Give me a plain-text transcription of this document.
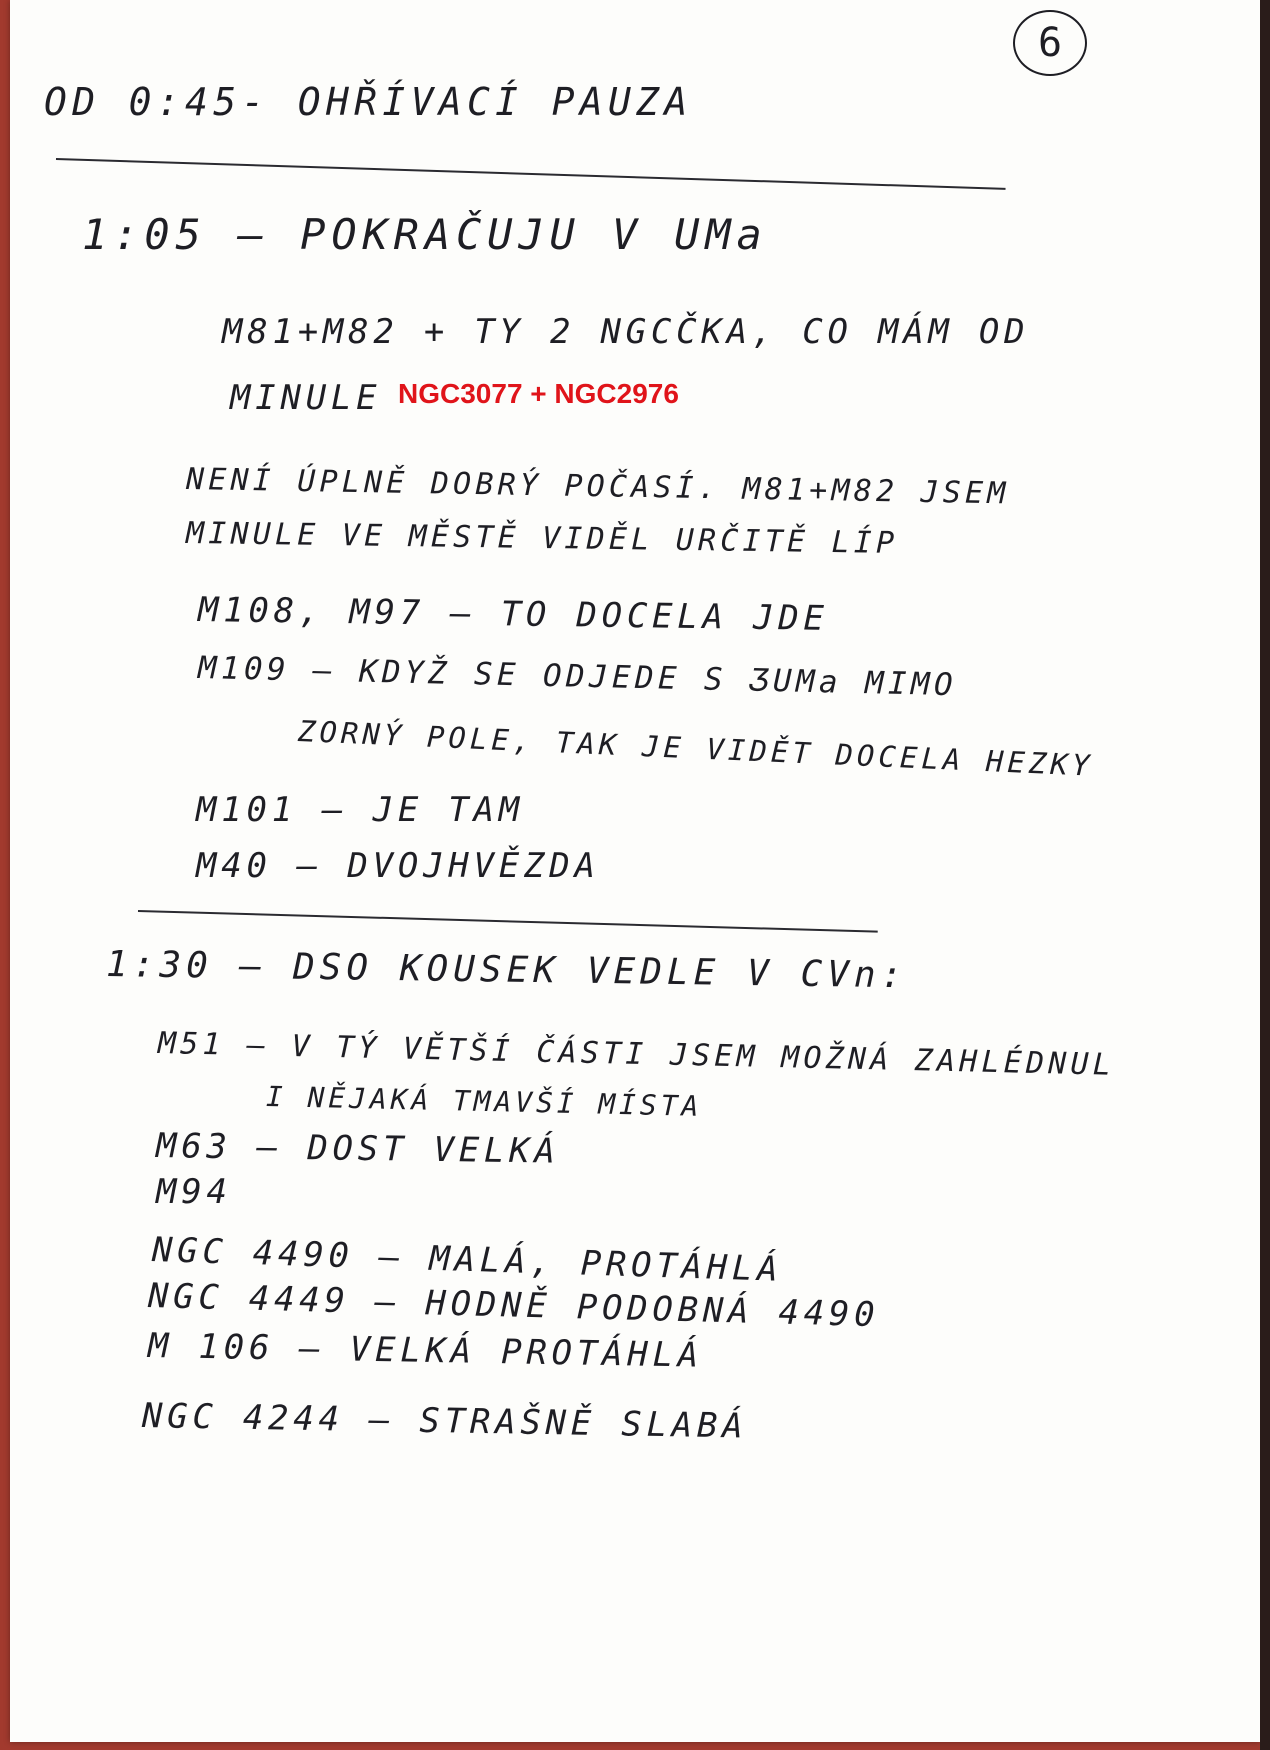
6
OD 0:45- OHŘÍVACÍ PAUZA
1:05 – POKRAČUJU V UMa
M81+M82 + TY 2 NGCČKA, CO MÁM OD
MINULE NGC3077 + NGC2976
NENÍ ÚPLNĚ DOBRÝ POČASÍ. M81+M82 JSEM
MINULE VE MĚSTĚ VIDĚL URČITĚ LÍP
M108, M97 – TO DOCELA JDE
M109 – KDYŽ SE ODJEDE S ƷUMa MIMO
ZORNÝ POLE, TAK JE VIDĚT DOCELA HEZKY
M101 – JE TAM
M40 – DVOJHVĚZDA
1:30 – DSO KOUSEK VEDLE V CVn:
M51 – V TÝ VĚTŠÍ ČÁSTI JSEM MOŽNÁ ZAHLÉDNUL
I NĚJAKÁ TMAVŠÍ MÍSTA
M63 – DOST VELKÁ
M94
NGC 4490 – MALÁ, PROTÁHLÁ
NGC 4449 – HODNĚ PODOBNÁ 4490
M 106 – VELKÁ PROTÁHLÁ
NGC 4244 – STRAŠNĚ SLABÁ
